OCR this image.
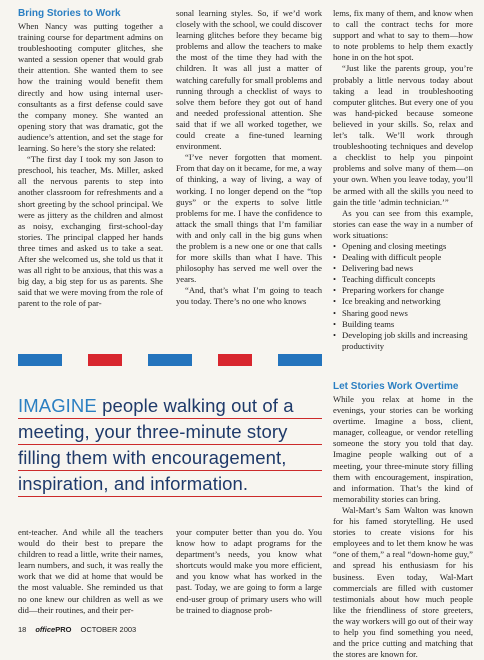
Bring Stories to Work

When Nancy was putting together a training course for department admins on troubleshooting computer glitches, she wanted a session opener that would grab their attention. She wanted them to see how the training would benefit them directly and how using internal user-consultants as a first defense could save the company money. She wanted an opening story that was dramatic, got the audience’s attention, and set the stage for learning. So here’s the story she related:

“The first day I took my son Jason to preschool, his teacher, Ms. Miller, asked all the nervous parents to step into another classroom for refreshments and a short greeting by the school principal. We were as jittery as the children and almost as noisy, exchanging first-school-day stories. The principal clapped her hands three times and asked us to take a seat. After she welcomed us, she told us that it was all right to be anxious, that this was a big day, a big step for us as parents. She said that we were moving from the role of parent to the role of par-

sonal learning styles. So, if we’d work closely with the school, we could discover learning glitches before they became big problems and allow the teachers to make the most of the time they had with the children. It was all just a matter of watching carefully for small problems and running through a checklist of ways to solve them before they got out of hand and needed professional attention. She said that if we all worked together, we could create a fine-tuned learning environment.

“I’ve never forgotten that moment. From that day on it became, for me, a way of thinking, a way of living, a way of working. I no longer depend on the “top guys” or the experts to solve little problems for me. I have the confidence to attack the small things that I’m familiar with and only call in the big guns when the problem is a new one or one that calls for more skills than what I have. This philosophy has served me well over the years.

“And, that’s what I’m going to teach you today. There’s no one who knows

lems, fix many of them, and know when to call the contract techs for more support and what to say to them—how to note problems to help them exactly hone in on the hot spot.

“Just like the parents group, you’re probably a little nervous today about taking a lead in troubleshooting computer glitches. But every one of you was hand-picked because someone believed in your skills. So, relax and let’s talk. We’ll work through troubleshooting techniques and develop a checklist to help you pinpoint problems and solve many of them—on your own. When you leave today, you’ll be armed with all the skills you need to gain the title ‘admin technician.’”

As you can see from this example, stories can ease the way in a number of work situations:

• Opening and closing meetings
• Dealing with difficult people
• Delivering bad news
• Teaching difficult concepts
• Preparing workers for change
• Ice breaking and networking
• Sharing good news
• Building teams
• Developing job skills and increasing productivity
Let Stories Work Overtime

While you relax at home in the evenings, your stories can be working overtime. Imagine a boss, client, manager, colleague, or vendor retelling someone the story you told that day. Imagine people walking out of a meeting, your three-minute story filling them with encouragement, inspiration, and information. That’s the kind of memorability stories can bring.

Wal-Mart’s Sam Walton was known for his famed storytelling. He used stories to create visions for his employees and to let them know he was “one of them,” a real “down-home guy,” and spread his enthusiasm for his business. Even today, Wal-Mart commercials are filled with customer testimonials about how much people like the friendliness of store greeters, the way workers will go out of their way to help you find something you need, and the price cutting and matching that the stores are known for.

IMAGINE people walking out of a
meeting, your three-minute story
filling them with encouragement,
inspiration, and information.

ent-teacher. And while all the teachers would do their best to prepare the children to read a little, write their names, learn numbers, and such, it was really the work that we did at home that would be the most valuable. She reminded us that no one knew our children as well as we did—their routines, and their per-

your computer better than you do. You know how to adapt programs for the department’s needs, you know what shortcuts would make you more efficient, and you know what has worked in the past. Today, we are going to form a large end-user group of primary users who will be trained to diagnose prob-

18 officePRO OCTOBER 2003
